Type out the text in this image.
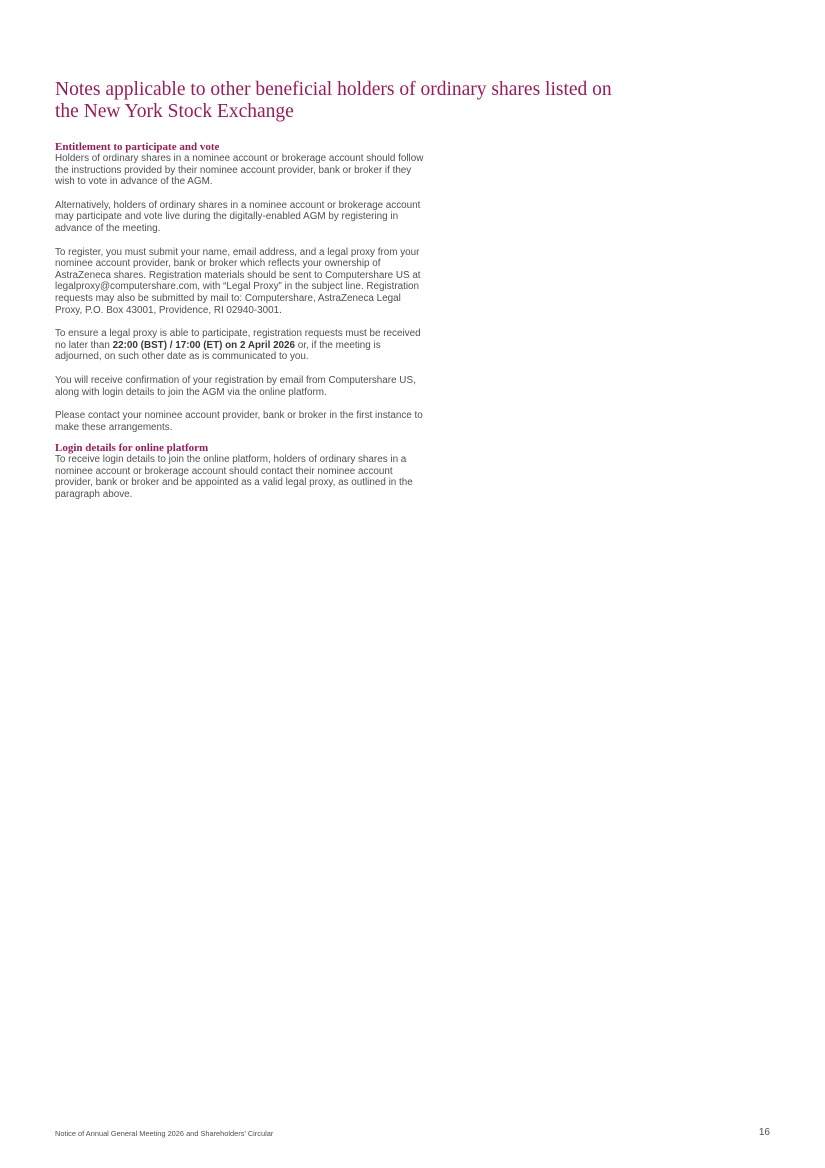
Notes applicable to other beneficial holders of ordinary shares listed on the New York Stock Exchange
Entitlement to participate and vote

Holders of ordinary shares in a nominee account or brokerage account should follow the instructions provided by their nominee account provider, bank or broker if they wish to vote in advance of the AGM.

Alternatively, holders of ordinary shares in a nominee account or brokerage account may participate and vote live during the digitally-enabled AGM by registering in advance of the meeting.

To register, you must submit your name, email address, and a legal proxy from your nominee account provider, bank or broker which reflects your ownership of AstraZeneca shares. Registration materials should be sent to Computershare US at legalproxy@computershare.com, with “Legal Proxy” in the subject line. Registration requests may also be submitted by mail to: Computershare, AstraZeneca Legal Proxy, P.O. Box 43001, Providence, RI 02940-3001.

To ensure a legal proxy is able to participate, registration requests must be received no later than 22:00 (BST) / 17:00 (ET) on 2 April 2026 or, if the meeting is adjourned, on such other date as is communicated to you.

You will receive confirmation of your registration by email from Computershare US, along with login details to join the AGM via the online platform.

Please contact your nominee account provider, bank or broker in the first instance to make these arrangements.

Login details for online platform

To receive login details to join the online platform, holders of ordinary shares in a nominee account or brokerage account should contact their nominee account provider, bank or broker and be appointed as a valid legal proxy, as outlined in the paragraph above.

Notice of Annual General Meeting 2026 and Shareholders’ Circular	16
